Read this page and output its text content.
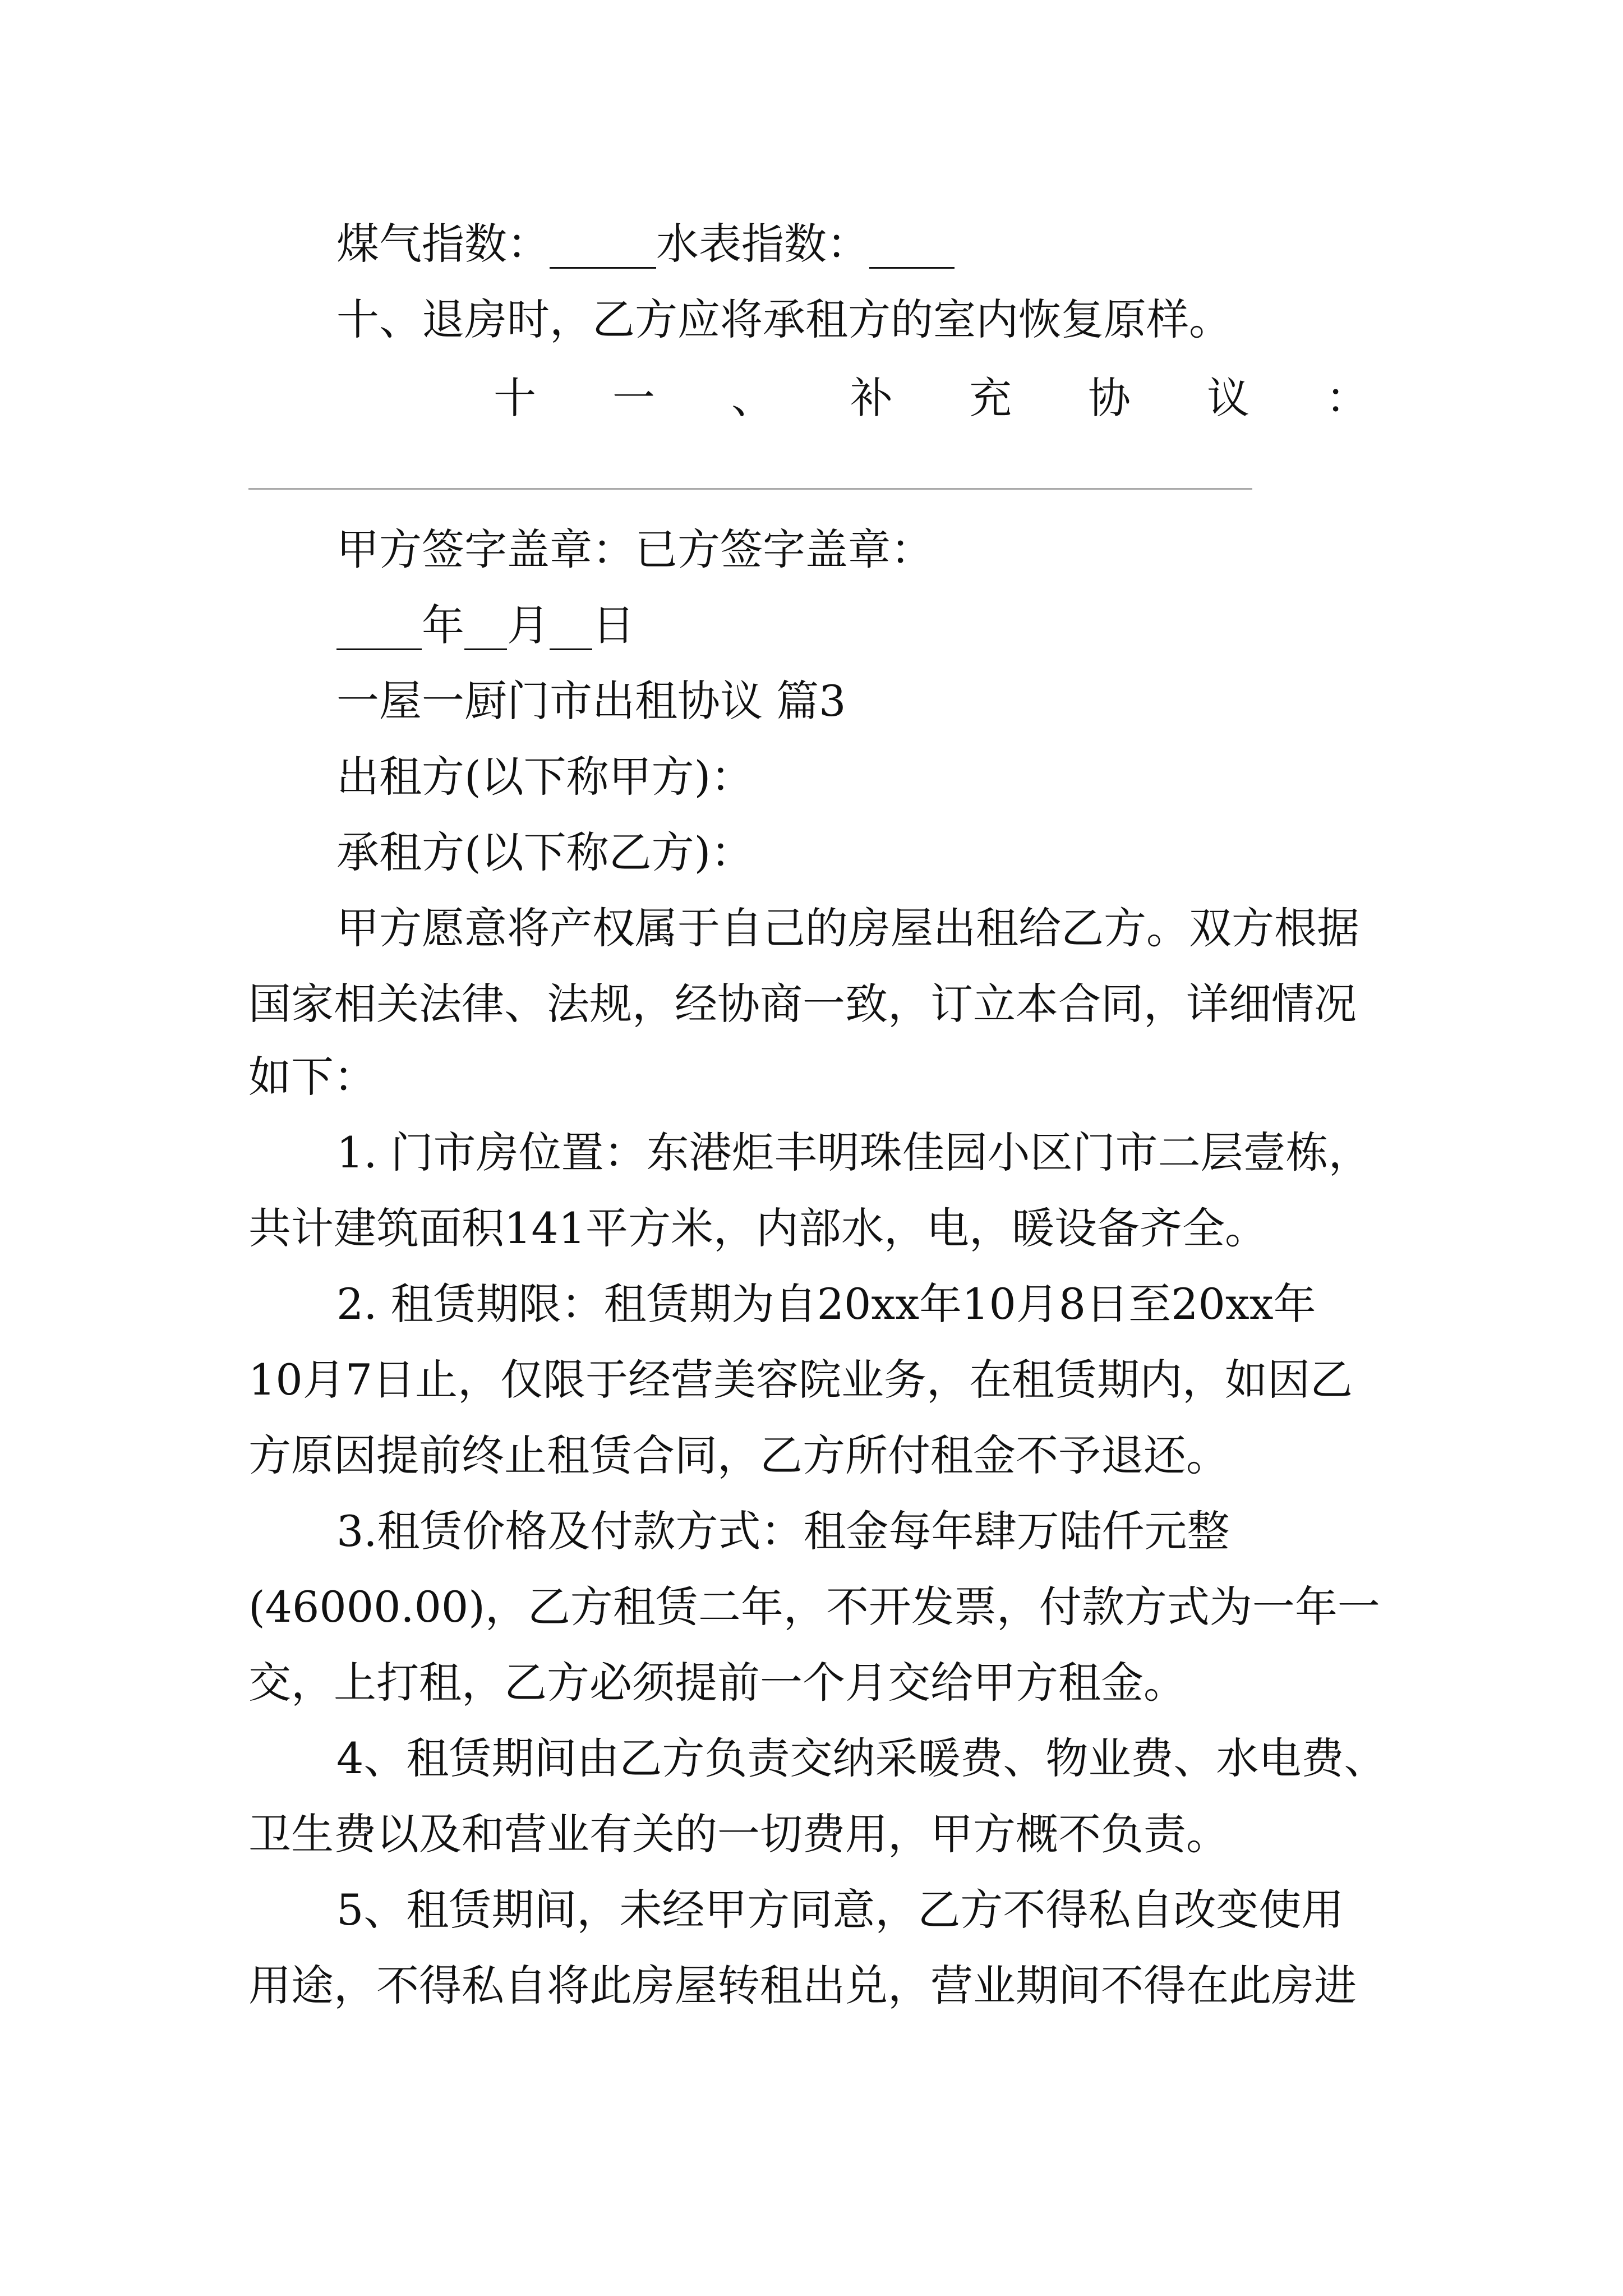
煤气指数：_____水表指数：____
十、退房时，乙方应将承租方的室内恢复原样。
十 一 、 补 充 协 议 ：
甲方签字盖章：已方签字盖章：
____年__月__日
一屋一厨门市出租协议 篇3
出租方(以下称甲方)：
承租方(以下称乙方)：
甲方愿意将产权属于自己的房屋出租给乙方。双方根据
国家相关法律、法规，经协商一致，订立本合同，详细情况
如下：
1. 门市房位置：东港炬丰明珠佳园小区门市二层壹栋，
共计建筑面积141平方米，内部水，电，暖设备齐全。
2. 租赁期限：租赁期为自20xx年10月8日至20xx年
10月7日止，仅限于经营美容院业务，在租赁期内，如因乙
方原因提前终止租赁合同，乙方所付租金不予退还。
3.租赁价格及付款方式：租金每年肆万陆仟元整
(46000.00)，乙方租赁二年，不开发票，付款方式为一年一
交，上打租，乙方必须提前一个月交给甲方租金。
4、租赁期间由乙方负责交纳采暖费、物业费、水电费、
卫生费以及和营业有关的一切费用，甲方概不负责。
5、租赁期间，未经甲方同意，乙方不得私自改变使用
用途，不得私自将此房屋转租出兑，营业期间不得在此房进
